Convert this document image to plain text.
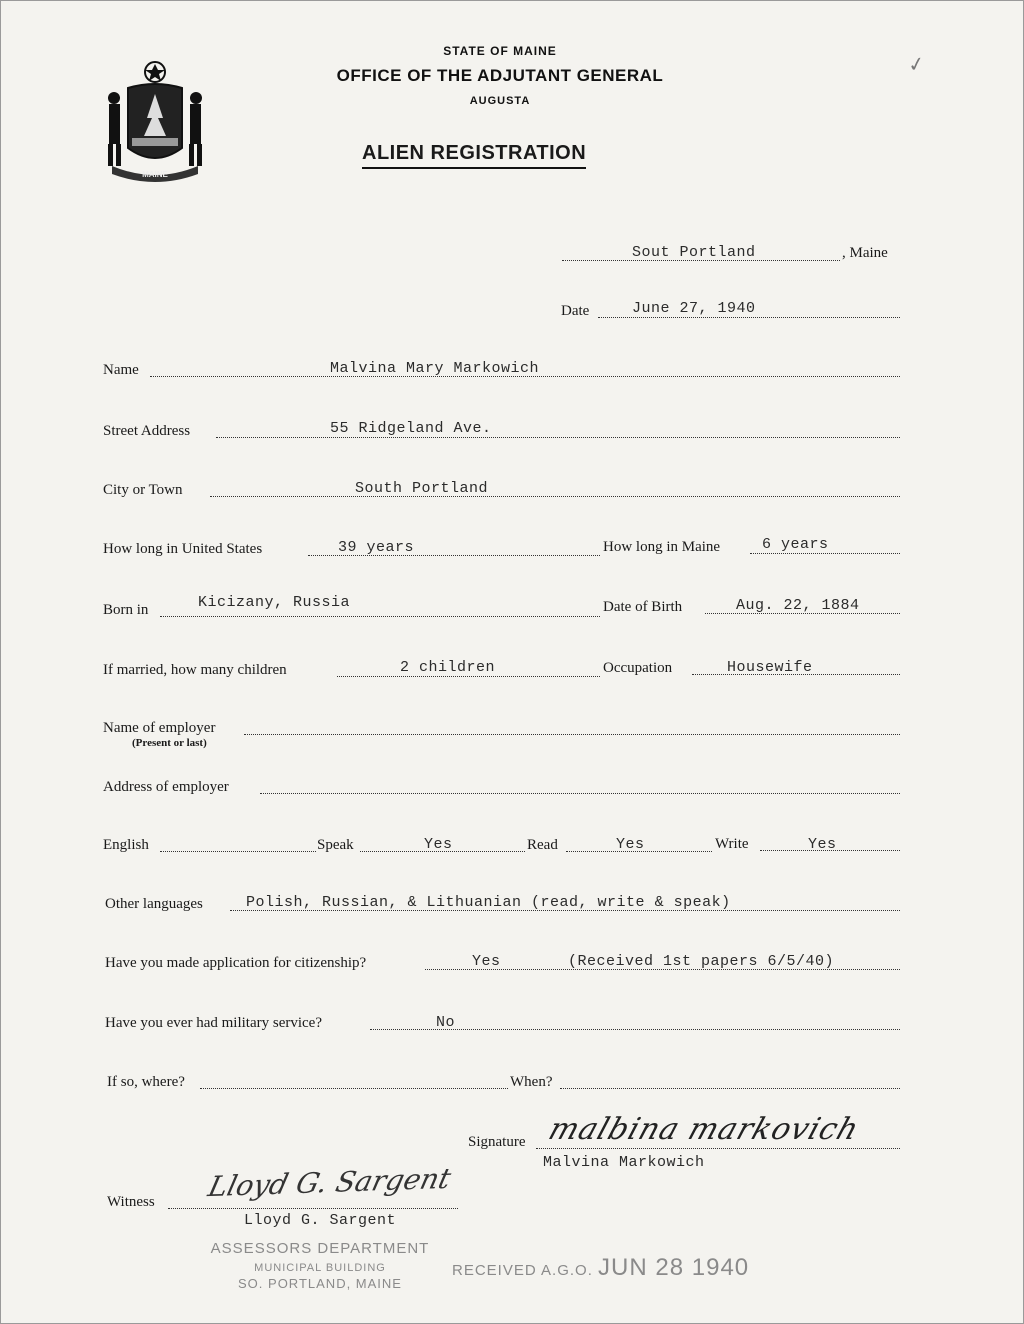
MAINE
STATE OF MAINE
OFFICE OF THE ADJUTANT GENERAL
AUGUSTA
ALIEN REGISTRATION
✓
Sout Portland	, Maine
Date	June 27, 1940
Name	Malvina Mary Markowich
Street Address	55 Ridgeland Ave.
City or Town	South Portland
How long in United States	39 years	How long in Maine	6 years
Born in	Kicizany, Russia	Date of Birth	Aug. 22, 1884
If married, how many children	2 children	Occupation	Housewife
Name of employer
(Present or last)
Address of employer
English	Speak	Yes	Read	Yes	Write	Yes
Other languages	Polish, Russian, & Lithuanian (read, write & speak)
Have you made application for citizenship?	Yes	(Received 1st papers 6/5/40)
Have you ever had military service?	No
If so, where?	When?
Signature malbina markovich
Malvina Markowich
Witness Lloyd G. Sargent
Lloyd G. Sargent
ASSESSORS DEPARTMENT
MUNICIPAL BUILDING
SO. PORTLAND, MAINE
RECEIVED A.G.O. JUN 28 1940
